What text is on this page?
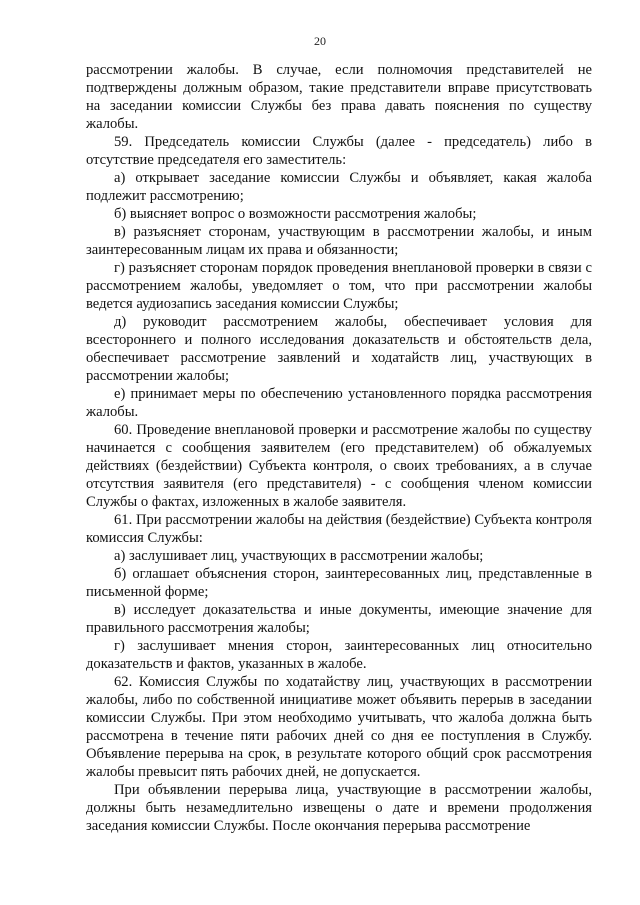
20

рассмотрении жалобы. В случае, если полномочия представителей не подтверждены должным образом, такие представители вправе присутствовать на заседании комиссии Службы без права давать пояснения по существу жалобы.

59. Председатель комиссии Службы (далее - председатель) либо в отсутствие председателя его заместитель:

а) открывает заседание комиссии Службы и объявляет, какая жалоба подлежит рассмотрению;

б) выясняет вопрос о возможности рассмотрения жалобы;

в) разъясняет сторонам, участвующим в рассмотрении жалобы, и иным заинтересованным лицам их права и обязанности;

г) разъясняет сторонам порядок проведения внеплановой проверки в связи с рассмотрением жалобы, уведомляет о том, что при рассмотрении жалобы ведется аудиозапись заседания комиссии Службы;

д) руководит рассмотрением жалобы, обеспечивает условия для всестороннего и полного исследования доказательств и обстоятельств дела, обеспечивает рассмотрение заявлений и ходатайств лиц, участвующих в рассмотрении жалобы;

е) принимает меры по обеспечению установленного порядка рассмотрения жалобы.

60. Проведение внеплановой проверки и рассмотрение жалобы по существу начинается с сообщения заявителем (его представителем) об обжалуемых действиях (бездействии) Субъекта контроля, о своих требованиях, а в случае отсутствия заявителя (его представителя) - с сообщения членом комиссии Службы о фактах, изложенных в жалобе заявителя.

61. При рассмотрении жалобы на действия (бездействие) Субъекта контроля комиссия Службы:

а) заслушивает лиц, участвующих в рассмотрении жалобы;

б) оглашает объяснения сторон, заинтересованных лиц, представленные в письменной форме;

в) исследует доказательства и иные документы, имеющие значение для правильного рассмотрения жалобы;

г) заслушивает мнения сторон, заинтересованных лиц относительно доказательств и фактов, указанных в жалобе.

62. Комиссия Службы по ходатайству лиц, участвующих в рассмотрении жалобы, либо по собственной инициативе может объявить перерыв в заседании комиссии Службы. При этом необходимо учитывать, что жалоба должна быть рассмотрена в течение пяти рабочих дней со дня ее поступления в Службу. Объявление перерыва на срок, в результате которого общий срок рассмотрения жалобы превысит пять рабочих дней, не допускается.

При объявлении перерыва лица, участвующие в рассмотрении жалобы, должны быть незамедлительно извещены о дате и времени продолжения заседания комиссии Службы. После окончания перерыва рассмотрение
